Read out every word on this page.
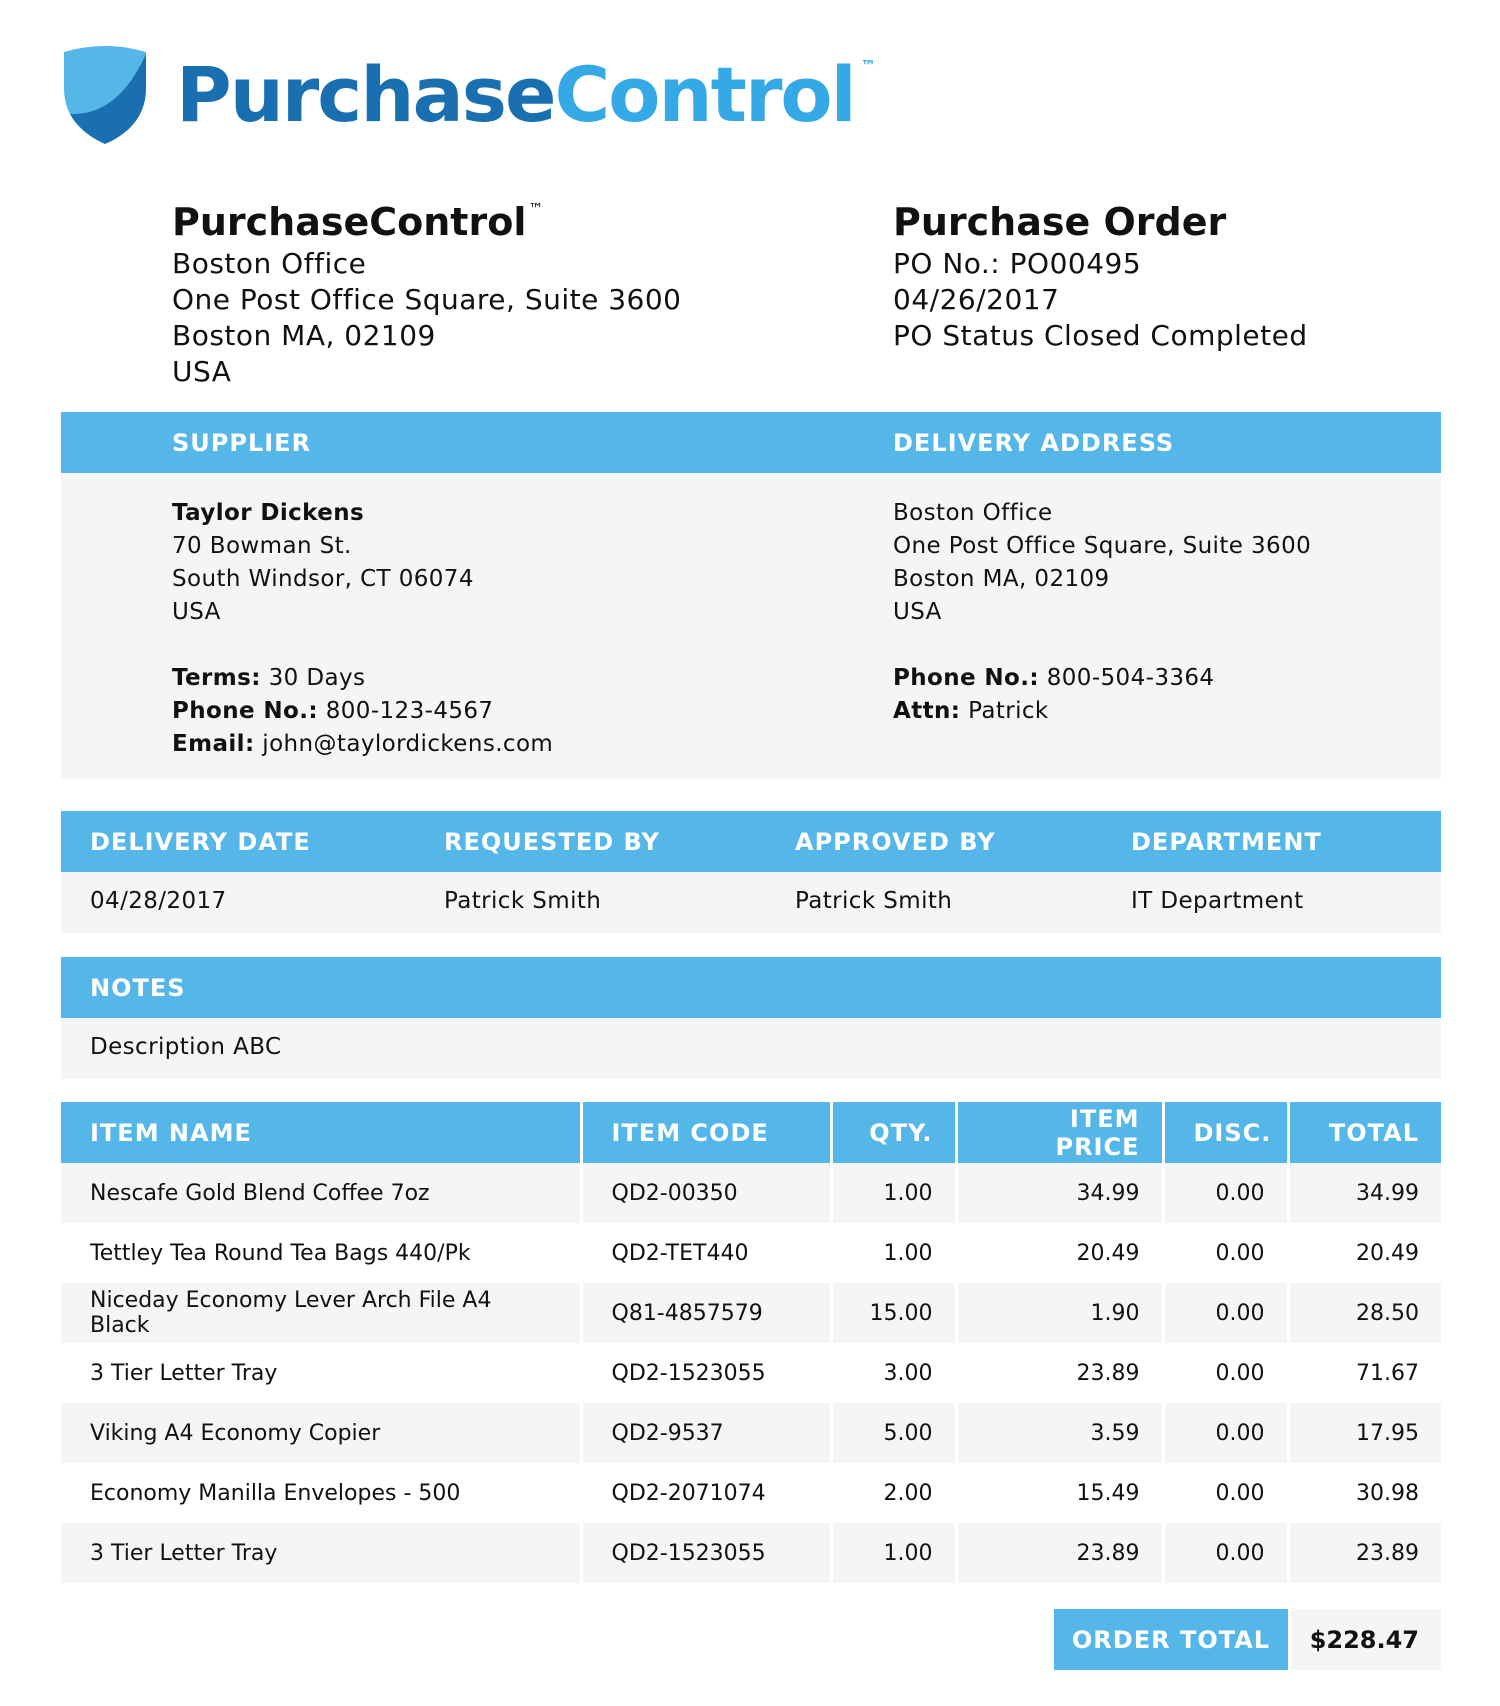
Purchase Control ™
PurchaseControl™
Boston Office
One Post Office Square, Suite 3600
Boston MA, 02109
USA
Purchase Order
PO No.: PO00495
04/26/2017
PO Status Closed Completed
SUPPLIER	DELIVERY ADDRESS
Taylor Dickens
70 Bowman St.
South Windsor, CT 06074
USA
Terms: 30 Days
Phone No.: 800-123-4567
Email: john@taylordickens.com
Boston Office
One Post Office Square, Suite 3600
Boston MA, 02109
USA
Phone No.: 800-504-3364
Attn: Patrick
DELIVERY DATE	REQUESTED BY	APPROVED BY	DEPARTMENT
04/28/2017	Patrick Smith	Patrick Smith	IT Department
NOTES
Description ABC
ITEM NAME	ITEM CODE	QTY.	ITEM PRICE	DISC.	TOTAL
Nescafe Gold Blend Coffee 7oz	QD2-00350	1.00	34.99	0.00	34.99
Tettley Tea Round Tea Bags 440/Pk	QD2-TET440	1.00	20.49	0.00	20.49
Niceday Economy Lever Arch File A4 Black	Q81-4857579	15.00	1.90	0.00	28.50
3 Tier Letter Tray	QD2-1523055	3.00	23.89	0.00	71.67
Viking A4 Economy Copier	QD2-9537	5.00	3.59	0.00	17.95
Economy Manilla Envelopes - 500	QD2-2071074	2.00	15.49	0.00	30.98
3 Tier Letter Tray	QD2-1523055	1.00	23.89	0.00	23.89
ORDER TOTAL	$228.47
